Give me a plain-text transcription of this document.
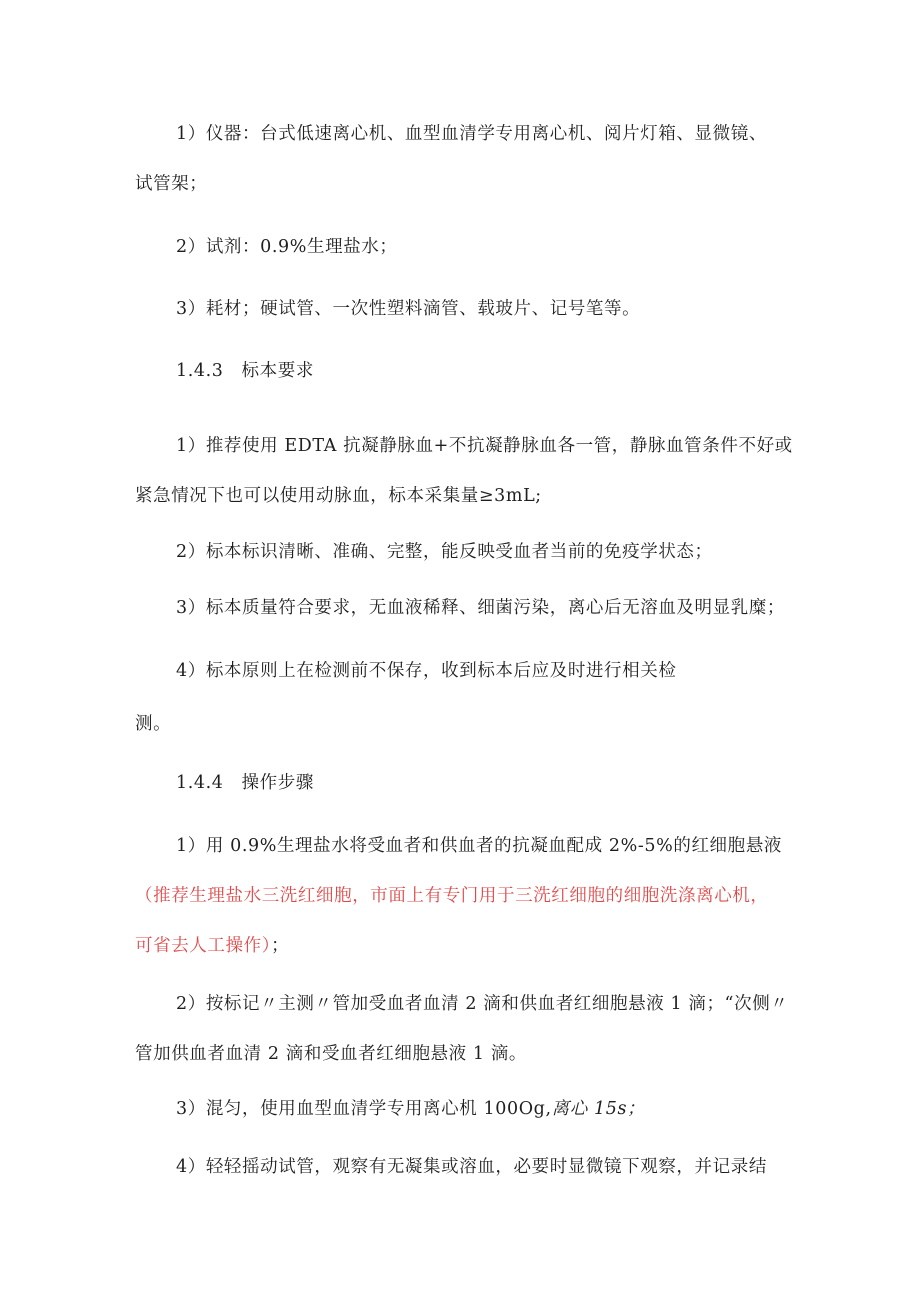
1）仪器：台式低速离心机、血型血清学专用离心机、阅片灯箱、显微镜、
试管架；
2）试剂：0.9%生理盐水；
3）耗材；硬试管、一次性塑料滴管、载玻片、记号笔等。
1.4.3 标本要求
1）推荐使用 EDTA 抗凝静脉血+不抗凝静脉血各一管，静脉血管条件不好或
紧急情况下也可以使用动脉血，标本采集量≥3mL;
2）标本标识清晰、准确、完整，能反映受血者当前的免疫学状态；
3）标本质量符合要求，无血液稀释、细菌污染，离心后无溶血及明显乳糜；
4）标本原则上在检测前不保存，收到标本后应及时进行相关检
测。
1.4.4 操作步骤
1）用 0.9%生理盐水将受血者和供血者的抗凝血配成 2%-5%的红细胞悬液
（推荐生理盐水三洗红细胞，市面上有专门用于三洗红细胞的细胞洗涤离心机，
可省去人工操作）；
2）按标记〃主测〃管加受血者血清 2 滴和供血者红细胞悬液 1 滴；“次侧〃
管加供血者血清 2 滴和受血者红细胞悬液 1 滴。
3）混匀，使用血型血清学专用离心机 100Og,离心 15s；
4）轻轻摇动试管，观察有无凝集或溶血，必要时显微镜下观察，并记录结
